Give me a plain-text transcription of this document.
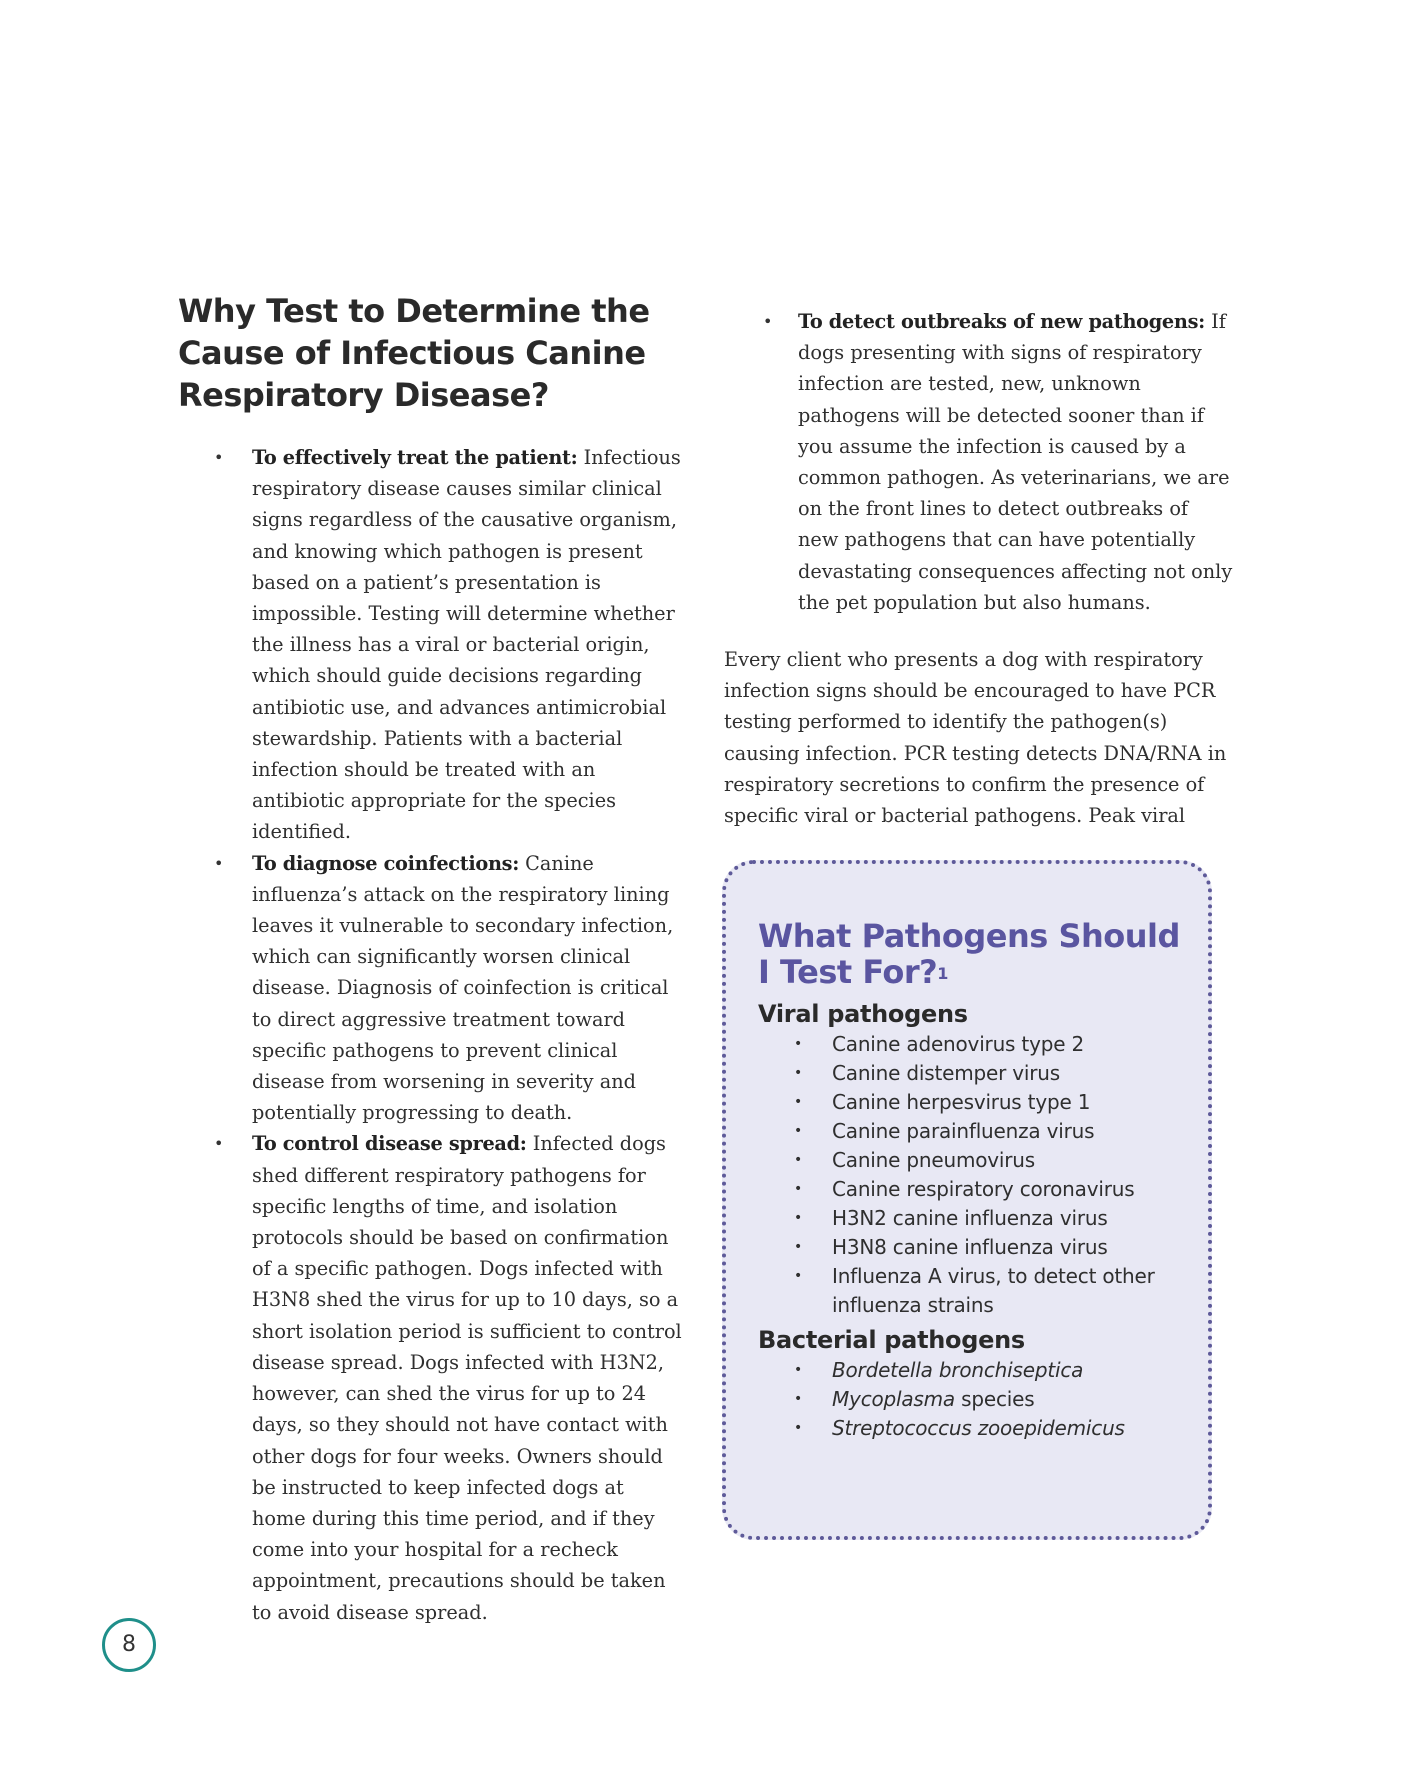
Why Test to Determine the Cause of Infectious Canine Respiratory Disease?
• To effectively treat the patient: Infectious respiratory disease causes similar clinical signs regardless of the causative organism, and knowing which pathogen is present based on a patient’s presentation is impossible. Testing will determine whether the illness has a viral or bacterial origin, which should guide decisions regarding antibiotic use, and advances antimicrobial stewardship. Patients with a bacterial infection should be treated with an antibiotic appropriate for the species identified.
• To diagnose coinfections: Canine influenza’s attack on the respiratory lining leaves it vulnerable to secondary infection, which can significantly worsen clinical disease. Diagnosis of coinfection is critical to direct aggressive treatment toward specific pathogens to prevent clinical disease from worsening in severity and potentially progressing to death.
• To control disease spread: Infected dogs shed different respiratory pathogens for specific lengths of time, and isolation protocols should be based on confirmation of a specific pathogen. Dogs infected with H3N8 shed the virus for up to 10 days, so a short isolation period is sufficient to control disease spread. Dogs infected with H3N2, however, can shed the virus for up to 24 days, so they should not have contact with other dogs for four weeks. Owners should be instructed to keep infected dogs at home during this time period, and if they come into your hospital for a recheck appointment, precautions should be taken to avoid disease spread.
• To detect outbreaks of new pathogens: If dogs presenting with signs of respiratory infection are tested, new, unknown pathogens will be detected sooner than if you assume the infection is caused by a common pathogen. As veterinarians, we are on the front lines to detect outbreaks of new pathogens that can have potentially devastating consequences affecting not only the pet population but also humans.

Every client who presents a dog with respiratory infection signs should be encouraged to have PCR testing performed to identify the pathogen(s) causing infection. PCR testing detects DNA/RNA in respiratory secretions to confirm the presence of specific viral or bacterial pathogens. Peak viral

What Pathogens Should I Test For?$^1$
Viral pathogens
• Canine adenovirus type 2
• Canine distemper virus
• Canine herpesvirus type 1
• Canine parainfluenza virus
• Canine pneumovirus
• Canine respiratory coronavirus
• H3N2 canine influenza virus
• H3N8 canine influenza virus
• Influenza A virus, to detect other influenza strains
Bacterial pathogens
• Bordetella bronchiseptica
• Mycoplasma species
• Streptococcus zooepidemicus
8
